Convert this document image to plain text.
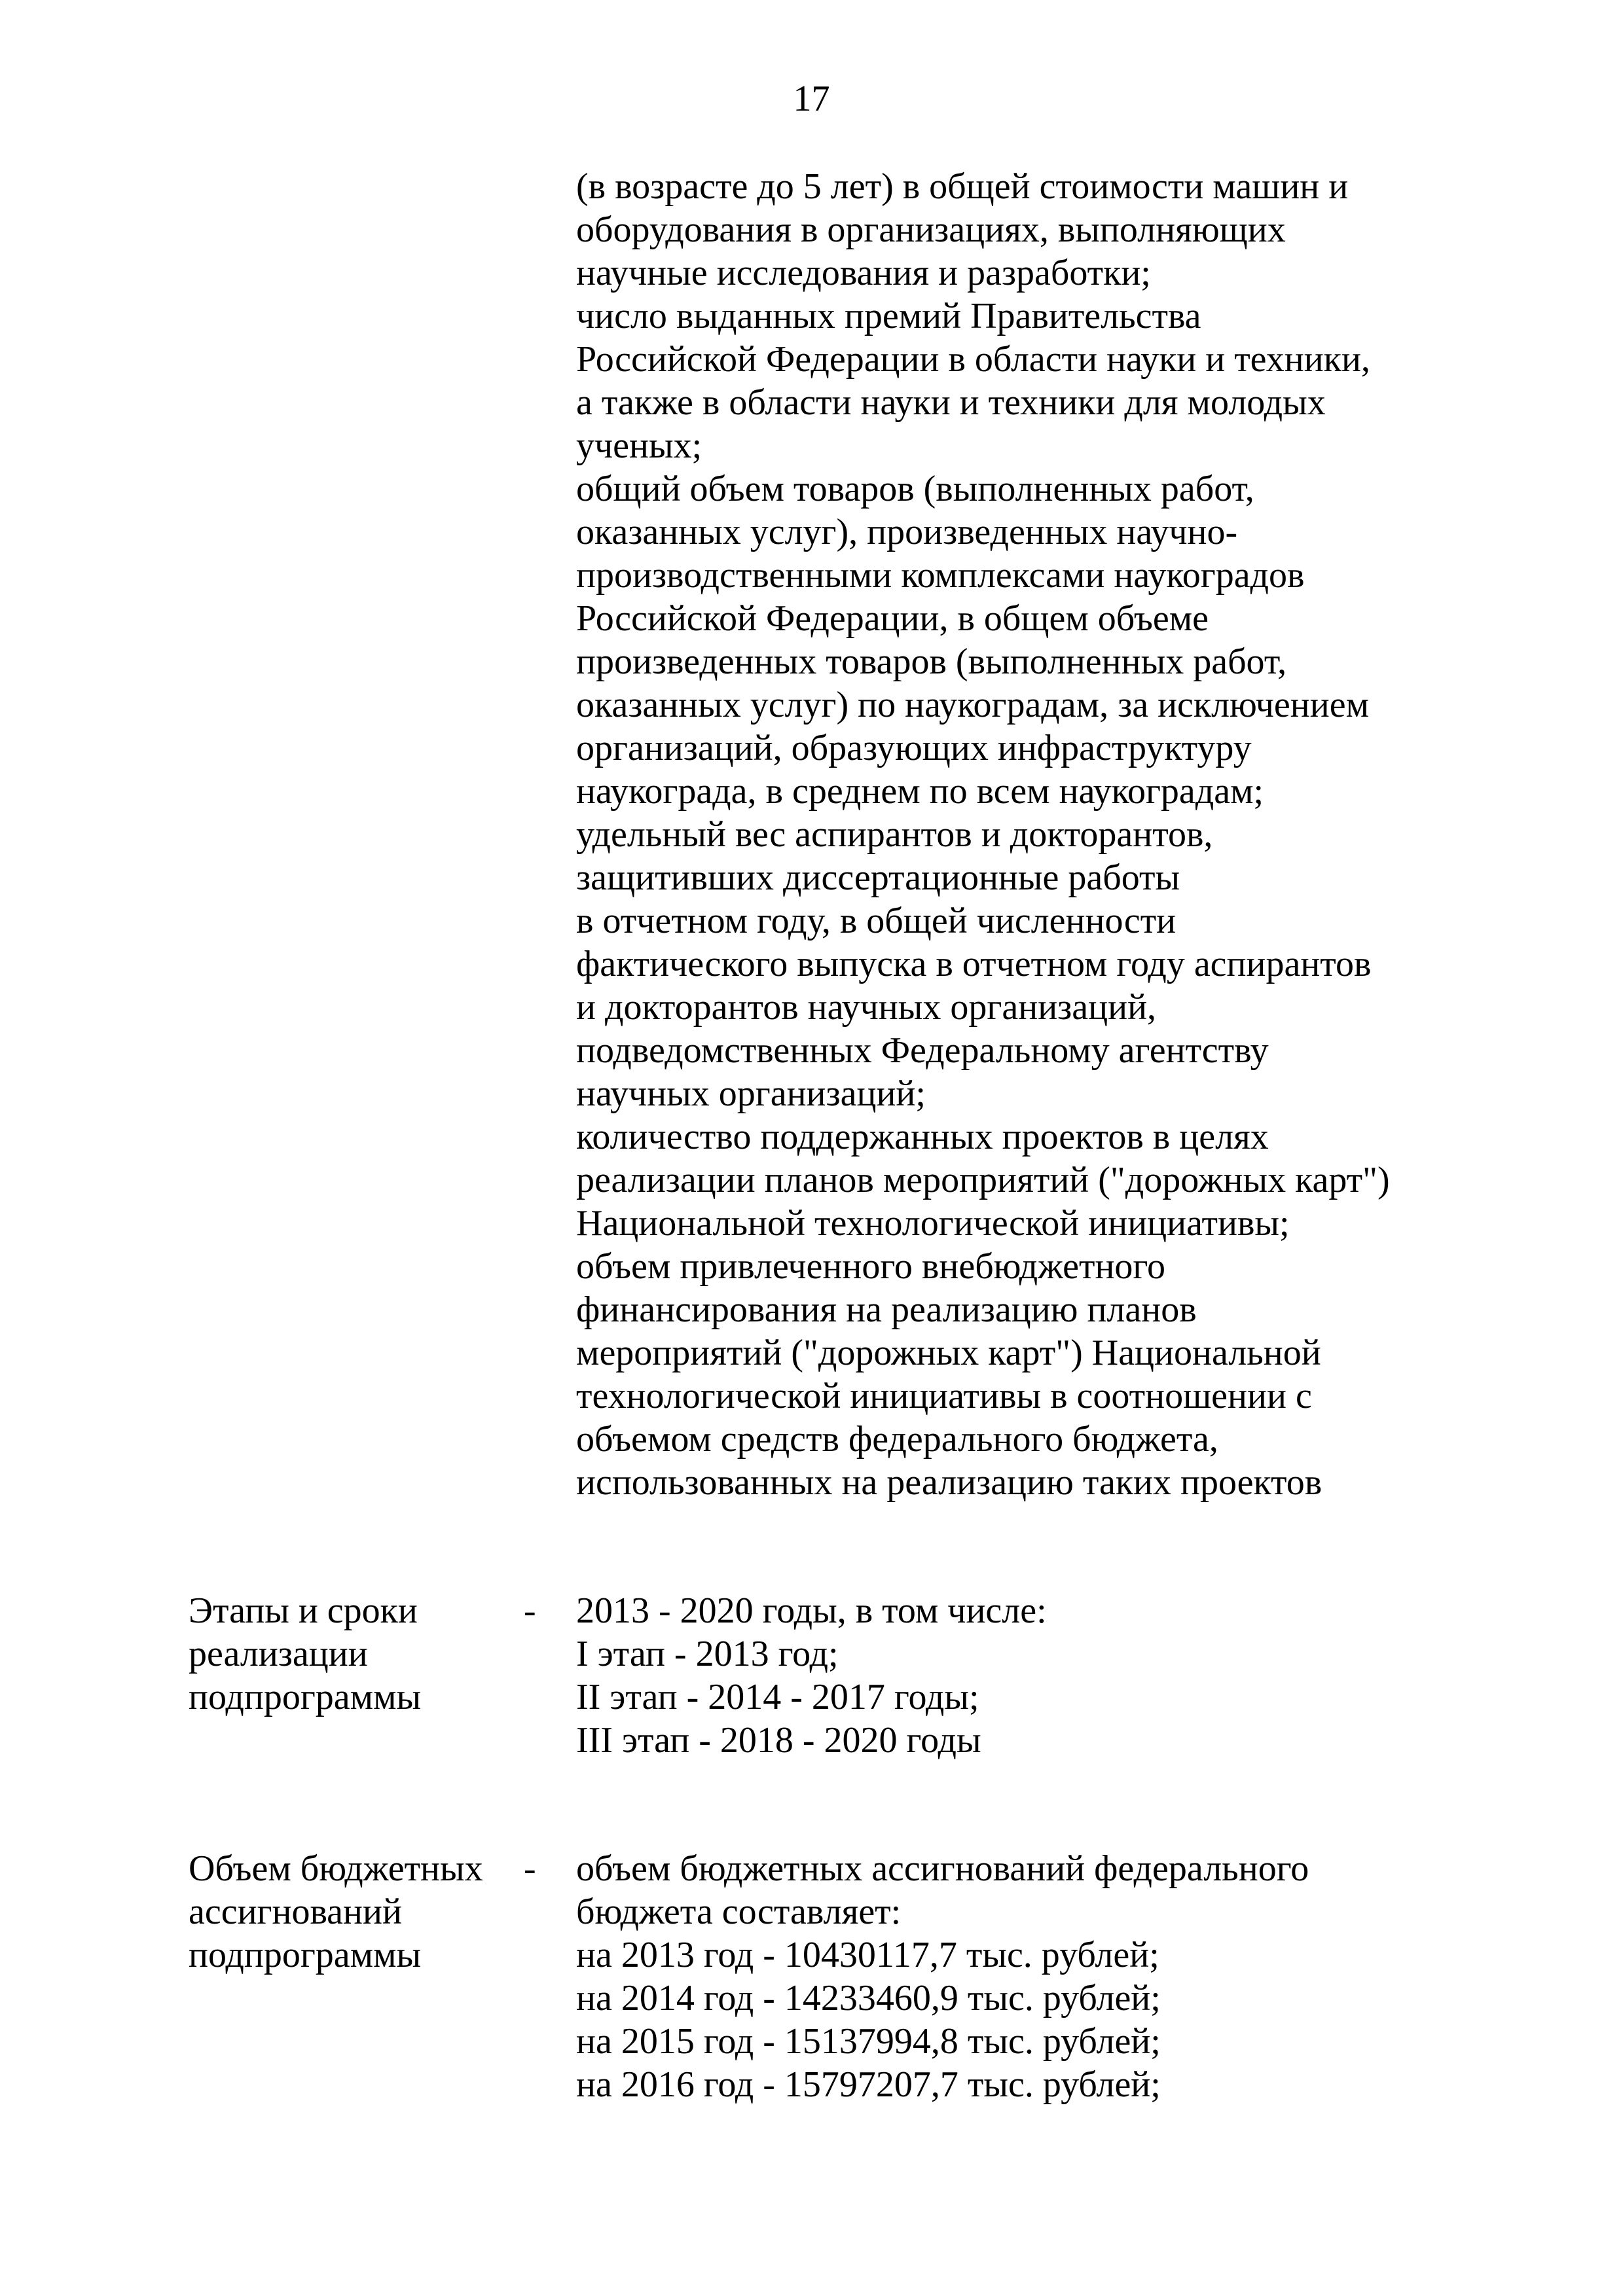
17
(в возрасте до 5 лет) в общей стоимости машин и
оборудования в организациях, выполняющих
научные исследования и разработки;
число выданных премий Правительства
Российской Федерации в области науки и техники,
а также в области науки и техники для молодых
ученых;
общий объем товаров (выполненных работ,
оказанных услуг), произведенных научно-
производственными комплексами наукоградов
Российской Федерации, в общем объеме
произведенных товаров (выполненных работ,
оказанных услуг) по наукоградам, за исключением
организаций, образующих инфраструктуру
наукограда, в среднем по всем наукоградам;
удельный вес аспирантов и докторантов,
защитивших диссертационные работы
в отчетном году, в общей численности
фактического выпуска в отчетном году аспирантов
и докторантов научных организаций,
подведомственных Федеральному агентству
научных организаций;
количество поддержанных проектов в целях
реализации планов мероприятий ("дорожных карт")
Национальной технологической инициативы;
объем привлеченного внебюджетного
финансирования на реализацию планов
мероприятий ("дорожных карт") Национальной
технологической инициативы в соотношении с
объемом средств федерального бюджета,
использованных на реализацию таких проектов
Этапы и сроки
реализации
подпрограммы
-	2013 - 2020 годы, в том числе:
I этап - 2013 год;
II этап - 2014 - 2017 годы;
III этап - 2018 - 2020 годы
Объем бюджетных
ассигнований
подпрограммы
-	объем бюджетных ассигнований федерального
бюджета составляет:
на 2013 год - 10430117,7 тыс. рублей;
на 2014 год - 14233460,9 тыс. рублей;
на 2015 год - 15137994,8 тыс. рублей;
на 2016 год - 15797207,7 тыс. рублей;
